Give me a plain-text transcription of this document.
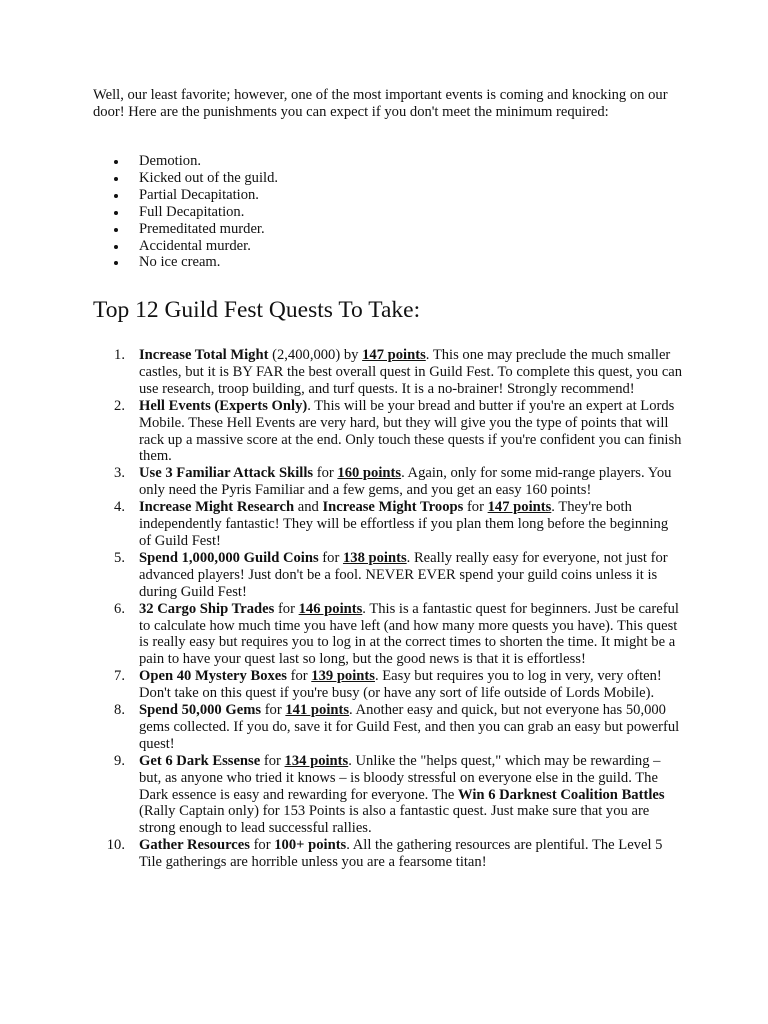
Well, our least favorite; however, one of the most important events is coming and knocking on our door! Here are the punishments you can expect if you don't meet the minimum required:

Demotion.
Kicked out of the guild.
Partial Decapitation.
Full Decapitation.
Premeditated murder.
Accidental murder.
No ice cream.
Top 12 Guild Fest Quests To Take:
1. Increase Total Might (2,400,000) by 147 points. This one may preclude the much smaller castles, but it is BY FAR the best overall quest in Guild Fest. To complete this quest, you can use research, troop building, and turf quests. It is a no-brainer! Strongly recommend!
2. Hell Events (Experts Only). This will be your bread and butter if you're an expert at Lords Mobile. These Hell Events are very hard, but they will give you the type of points that will rack up a massive score at the end. Only touch these quests if you're confident you can finish them.
3. Use 3 Familiar Attack Skills for 160 points. Again, only for some mid-range players. You only need the Pyris Familiar and a few gems, and you get an easy 160 points!
4. Increase Might Research and Increase Might Troops for 147 points. They're both independently fantastic! They will be effortless if you plan them long before the beginning of Guild Fest!
5. Spend 1,000,000 Guild Coins for 138 points. Really really easy for everyone, not just for advanced players! Just don't be a fool. NEVER EVER spend your guild coins unless it is during Guild Fest!
6. 32 Cargo Ship Trades for 146 points. This is a fantastic quest for beginners. Just be careful to calculate how much time you have left (and how many more quests you have). This quest is really easy but requires you to log in at the correct times to shorten the time. It might be a pain to have your quest last so long, but the good news is that it is effortless!
7. Open 40 Mystery Boxes for 139 points. Easy but requires you to log in very, very often! Don't take on this quest if you're busy (or have any sort of life outside of Lords Mobile).
8. Spend 50,000 Gems for 141 points. Another easy and quick, but not everyone has 50,000 gems collected. If you do, save it for Guild Fest, and then you can grab an easy but powerful quest!
9. Get 6 Dark Essense for 134 points. Unlike the "helps quest," which may be rewarding – but, as anyone who tried it knows – is bloody stressful on everyone else in the guild. The Dark essence is easy and rewarding for everyone. The Win 6 Darknest Coalition Battles (Rally Captain only) for 153 Points is also a fantastic quest. Just make sure that you are strong enough to lead successful rallies.
10. Gather Resources for 100+ points. All the gathering resources are plentiful. The Level 5 Tile gatherings are horrible unless you are a fearsome titan!
